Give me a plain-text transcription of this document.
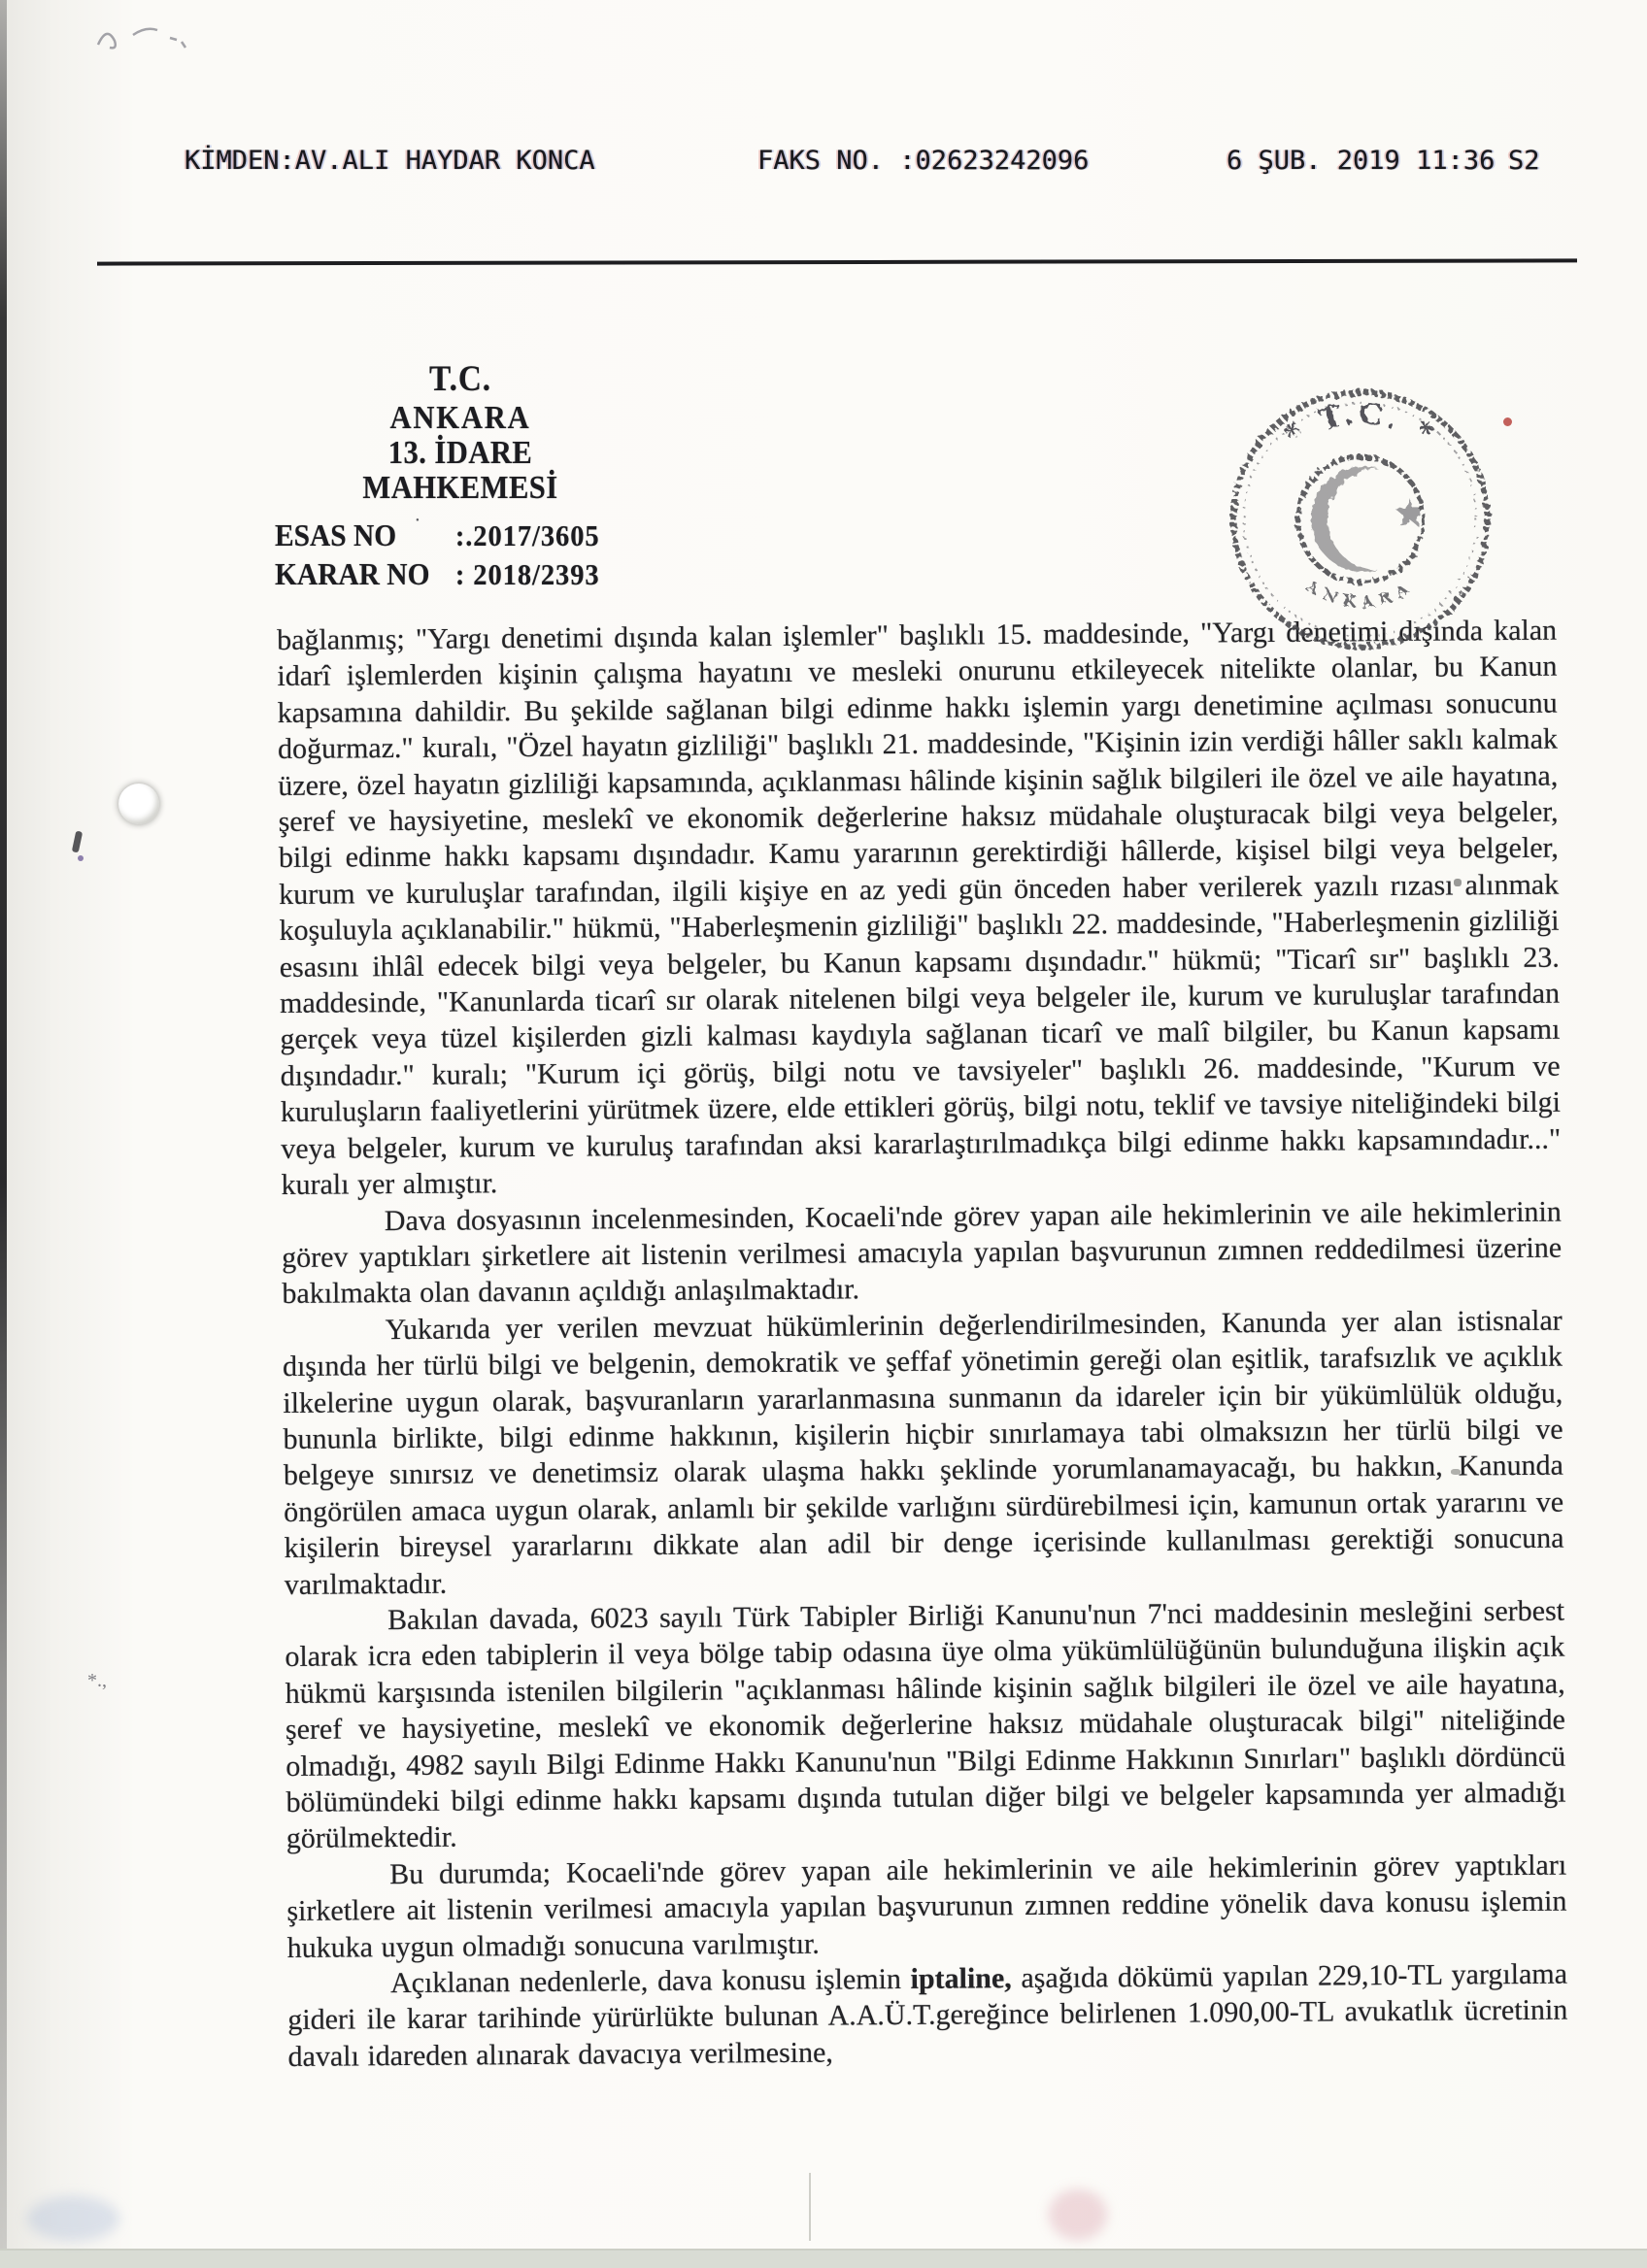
*.,
KİMDEN:AV.ALI HAYDAR KONCA	FAKS NO. :02623242096	6 ŞUB. 2019 11:36 S2
T.C.
ANKARA
13. İDARE MAHKEMESİ
ESAS NO ˙ :.2017/3605
KARAR NO : 2018/2393
* T.C. *
ANKARA

bağlanmış; "Yargı denetimi dışında kalan işlemler" başlıklı 15. maddesinde, "Yargı denetimi dışında kalan idarî işlemlerden kişinin çalışma hayatını ve mesleki onurunu etkileyecek nitelikte olanlar, bu Kanun kapsamına dahildir. Bu şekilde sağlanan bilgi edinme hakkı işlemin yargı denetimine açılması sonucunu doğurmaz." kuralı, "Özel hayatın gizliliği" başlıklı 21. maddesinde, "Kişinin izin verdiği hâller saklı kalmak üzere, özel hayatın gizliliği kapsamında, açıklanması hâlinde kişinin sağlık bilgileri ile özel ve aile hayatına, şeref ve haysiyetine, meslekî ve ekonomik değerlerine haksız müdahale oluşturacak bilgi veya belgeler, bilgi edinme hakkı kapsamı dışındadır. Kamu yararının gerektirdiği hâllerde, kişisel bilgi veya belgeler, kurum ve kuruluşlar tarafından, ilgili kişiye en az yedi gün önceden haber verilerek yazılı rızası alınmak koşuluyla açıklanabilir." hükmü, "Haberleşmenin gizliliği" başlıklı 22. maddesinde, "Haberleşmenin gizliliği esasını ihlâl edecek bilgi veya belgeler, bu Kanun kapsamı dışındadır." hükmü; "Ticarî sır" başlıklı 23. maddesinde, "Kanunlarda ticarî sır olarak nitelenen bilgi veya belgeler ile, kurum ve kuruluşlar tarafından gerçek veya tüzel kişilerden gizli kalması kaydıyla sağlanan ticarî ve malî bilgiler, bu Kanun kapsamı dışındadır." kuralı; "Kurum içi görüş, bilgi notu ve tavsiyeler" başlıklı 26. maddesinde, "Kurum ve kuruluşların faaliyetlerini yürütmek üzere, elde ettikleri görüş, bilgi notu, teklif ve tavsiye niteliğindeki bilgi veya belgeler, kurum ve kuruluş tarafından aksi kararlaştırılmadıkça bilgi edinme hakkı kapsamındadır..." kuralı yer almıştır.

Dava dosyasının incelenmesinden, Kocaeli'nde görev yapan aile hekimlerinin ve aile hekimlerinin görev yaptıkları şirketlere ait listenin verilmesi amacıyla yapılan başvurunun zımnen reddedilmesi üzerine bakılmakta olan davanın açıldığı anlaşılmaktadır.

Yukarıda yer verilen mevzuat hükümlerinin değerlendirilmesinden, Kanunda yer alan istisnalar dışında her türlü bilgi ve belgenin, demokratik ve şeffaf yönetimin gereği olan eşitlik, tarafsızlık ve açıklık ilkelerine uygun olarak, başvuranların yararlanmasına sunmanın da idareler için bir yükümlülük olduğu, bununla birlikte, bilgi edinme hakkının, kişilerin hiçbir sınırlamaya tabi olmaksızın her türlü bilgi ve belgeye sınırsız ve denetimsiz olarak ulaşma hakkı şeklinde yorumlanamayacağı, bu hakkın, Kanunda öngörülen amaca uygun olarak, anlamlı bir şekilde varlığını sürdürebilmesi için, kamunun ortak yararını ve kişilerin bireysel yararlarını dikkate alan adil bir denge içerisinde kullanılması gerektiği sonucuna varılmaktadır.

Bakılan davada, 6023 sayılı Türk Tabipler Birliği Kanunu'nun 7'nci maddesinin mesleğini serbest olarak icra eden tabiplerin il veya bölge tabip odasına üye olma yükümlülüğünün bulunduğuna ilişkin açık hükmü karşısında istenilen bilgilerin "açıklanması hâlinde kişinin sağlık bilgileri ile özel ve aile hayatına, şeref ve haysiyetine, meslekî ve ekonomik değerlerine haksız müdahale oluşturacak bilgi" niteliğinde olmadığı, 4982 sayılı Bilgi Edinme Hakkı Kanunu'nun "Bilgi Edinme Hakkının Sınırları" başlıklı dördüncü bölümündeki bilgi edinme hakkı kapsamı dışında tutulan diğer bilgi ve belgeler kapsamında yer almadığı görülmektedir.

Bu durumda; Kocaeli'nde görev yapan aile hekimlerinin ve aile hekimlerinin görev yaptıkları şirketlere ait listenin verilmesi amacıyla yapılan başvurunun zımnen reddine yönelik dava konusu işlemin hukuka uygun olmadığı sonucuna varılmıştır.

Açıklanan nedenlerle, dava konusu işlemin iptaline, aşağıda dökümü yapılan 229,10-TL yargılama gideri ile karar tarihinde yürürlükte bulunan A.A.Ü.T.gereğince belirlenen 1.090,00-TL avukatlık ücretinin davalı idareden alınarak davacıya verilmesine,
